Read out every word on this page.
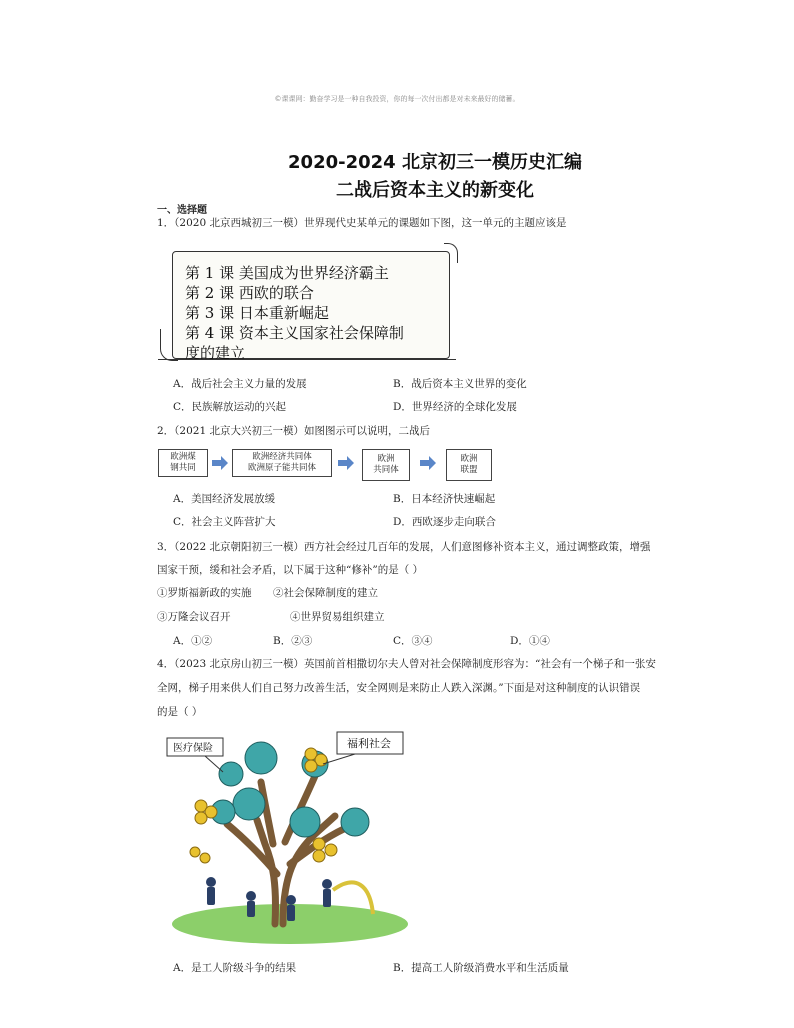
©课课网：勤奋学习是一种自我投资，你的每一次付出都是对未来最好的储蓄。
2020-2024 北京初三一模历史汇编
二战后资本主义的新变化
一、选择题
1．（2020 北京西城初三一模）世界现代史某单元的课题如下图，这一单元的主题应该是
第 1 课 美国成为世界经济霸主
第 2 课 西欧的联合
第 3 课 日本重新崛起
第 4 课 资本主义国家社会保障制
度的建立
A．战后社会主义力量的发展	B．战后资本主义世界的变化
C．民族解放运动的兴起	D．世界经济的全球化发展
2．（2021 北京大兴初三一模）如图图示可以说明，二战后
欧洲煤
钢共同
欧洲经济共同体
欧洲原子能共同体
欧洲
共同体
欧洲
联盟
A．美国经济发展放缓	B．日本经济快速崛起
C．社会主义阵营扩大	D．西欧逐步走向联合
3．（2022 北京朝阳初三一模）西方社会经过几百年的发展，人们意图修补资本主义，通过调整政策，增强
国家干预，缓和社会矛盾，以下属于这种“修补”的是（ ）
①罗斯福新政的实施 ②社会保障制度的建立
③万隆会议召开	④世界贸易组织建立
A．①②	B．②③	C．③④	D．①④
4．（2023 北京房山初三一模）英国前首相撒切尔夫人曾对社会保障制度形容为：“社会有一个梯子和一张安
全网，梯子用来供人们自己努力改善生活，安全网则是来防止人跌入深渊。”下面是对这种制度的认识错误
的是（ ）
医疗保险	福利社会
A．是工人阶级斗争的结果	B．提高工人阶级消费水平和生活质量
